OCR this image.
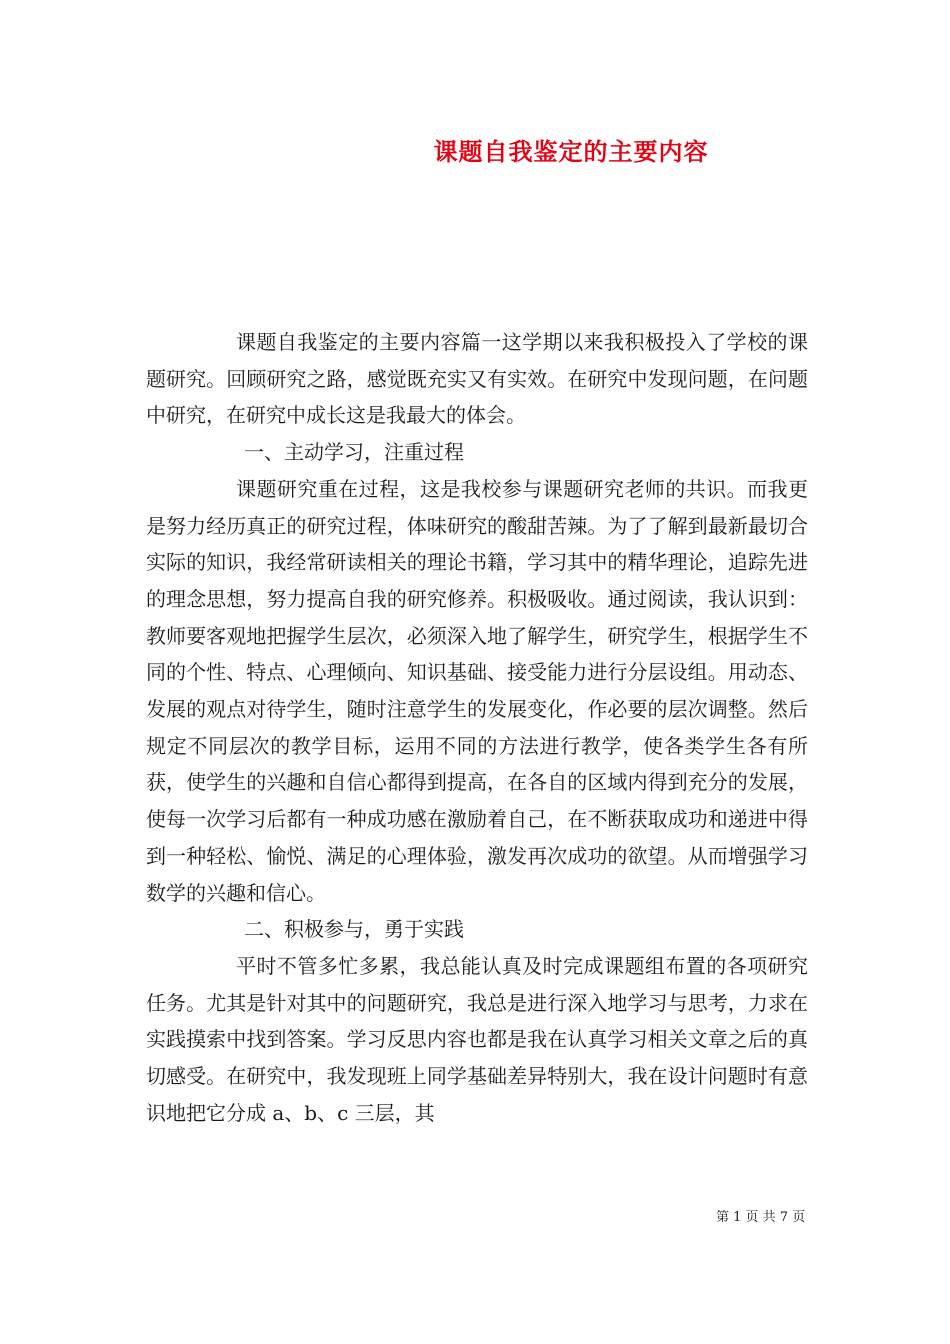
课题自我鉴定的主要内容

课题自我鉴定的主要内容篇一这学期以来我积极投入了学校的课题研究。回顾研究之路，感觉既充实又有实效。在研究中发现问题，在问题中研究，在研究中成长这是我最大的体会。

一、主动学习，注重过程

课题研究重在过程，这是我校参与课题研究老师的共识。而我更是努力经历真正的研究过程，体味研究的酸甜苦辣。为了了解到最新最切合实际的知识，我经常研读相关的理论书籍，学习其中的精华理论，追踪先进的理念思想，努力提高自我的研究修养。积极吸收。通过阅读，我认识到：教师要客观地把握学生层次，必须深入地了解学生，研究学生，根据学生不同的个性、特点、心理倾向、知识基础、接受能力进行分层设组。用动态、发展的观点对待学生，随时注意学生的发展变化，作必要的层次调整。然后规定不同层次的教学目标，运用不同的方法进行教学，使各类学生各有所获，使学生的兴趣和自信心都得到提高，在各自的区域内得到充分的发展，使每一次学习后都有一种成功感在激励着自己，在不断获取成功和递进中得到一种轻松、愉悦、满足的心理体验，激发再次成功的欲望。从而增强学习数学的兴趣和信心。

二、积极参与，勇于实践

平时不管多忙多累，我总能认真及时完成课题组布置的各项研究任务。尤其是针对其中的问题研究，我总是进行深入地学习与思考，力求在实践摸索中找到答案。学习反思内容也都是我在认真学习相关文章之后的真切感受。在研究中，我发现班上同学基础差异特别大，我在设计问题时有意识地把它分成 a、b、c 三层，其

第 1 页 共 7 页
